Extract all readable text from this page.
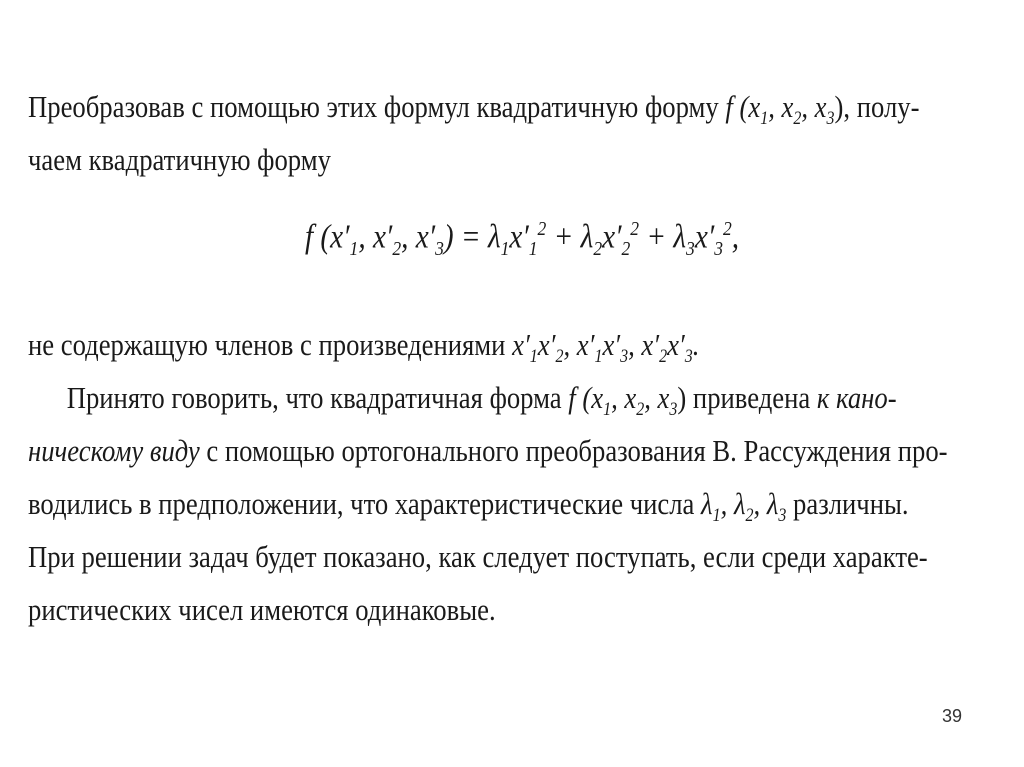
Преобразовав с помощью этих формул квадратичную форму f ($x_1$, $x_2$, $x_3$), полу-
чаем квадратичную форму
f ($x'_1$, $x'_2$, $x'_3) = \lambda_1x'_1^2 + \lambda_2x'_2^2 + \lambda_3x'_3^2$,
не содержащую членов с произведениями $x'_1x'_2$, $x'_1x'_3$, $x'_2x'_3$.
Принято говорить, что квадратичная форма f ($x_1$, $x_2$, $x_3$) приведена к кано-
ническому виду с помощью ортогонального преобразования В. Рассуждения про-
водились в предположении, что характеристические числа $\lambda_1$, $\lambda_2$, $\lambda_3$ различны.
При решении задач будет показано, как следует поступать, если среди характе-
ристических чисел имеются одинаковые.
39
